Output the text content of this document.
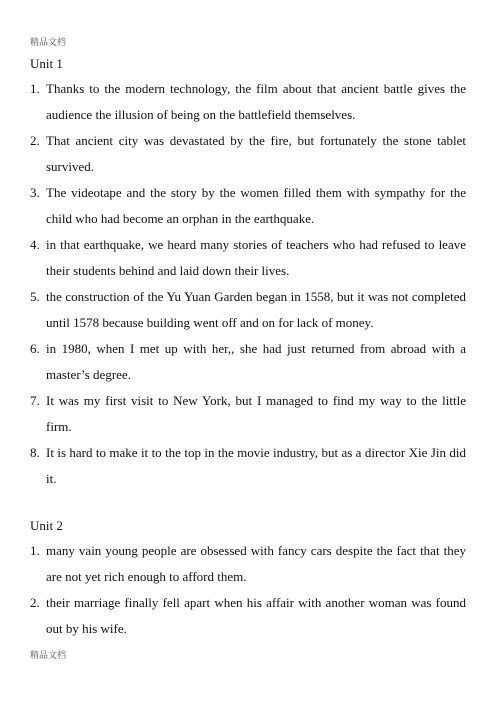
精品文档
Unit 1
1. Thanks to the modern technology, the film about that ancient battle gives the audience the illusion of being on the battlefield themselves.
2. That ancient city was devastated by the fire, but fortunately the stone tablet survived.
3. The videotape and the story by the women filled them with sympathy for the child who had become an orphan in the earthquake.
4. in that earthquake, we heard many stories of teachers who had refused to leave their students behind and laid down their lives.
5. the construction of the Yu Yuan Garden began in 1558, but it was not completed until 1578 because building went off and on for lack of money.
6. in 1980, when I met up with her,, she had just returned from abroad with a master’s degree.
7. It was my first visit to New York, but I managed to find my way to the little firm.
8. It is hard to make it to the top in the movie industry, but as a director Xie Jin did it.
Unit 2
1. many vain young people are obsessed with fancy cars despite the fact that they are not yet rich enough to afford them.
2. their marriage finally fell apart when his affair with another woman was found out by his wife.
精品文档
